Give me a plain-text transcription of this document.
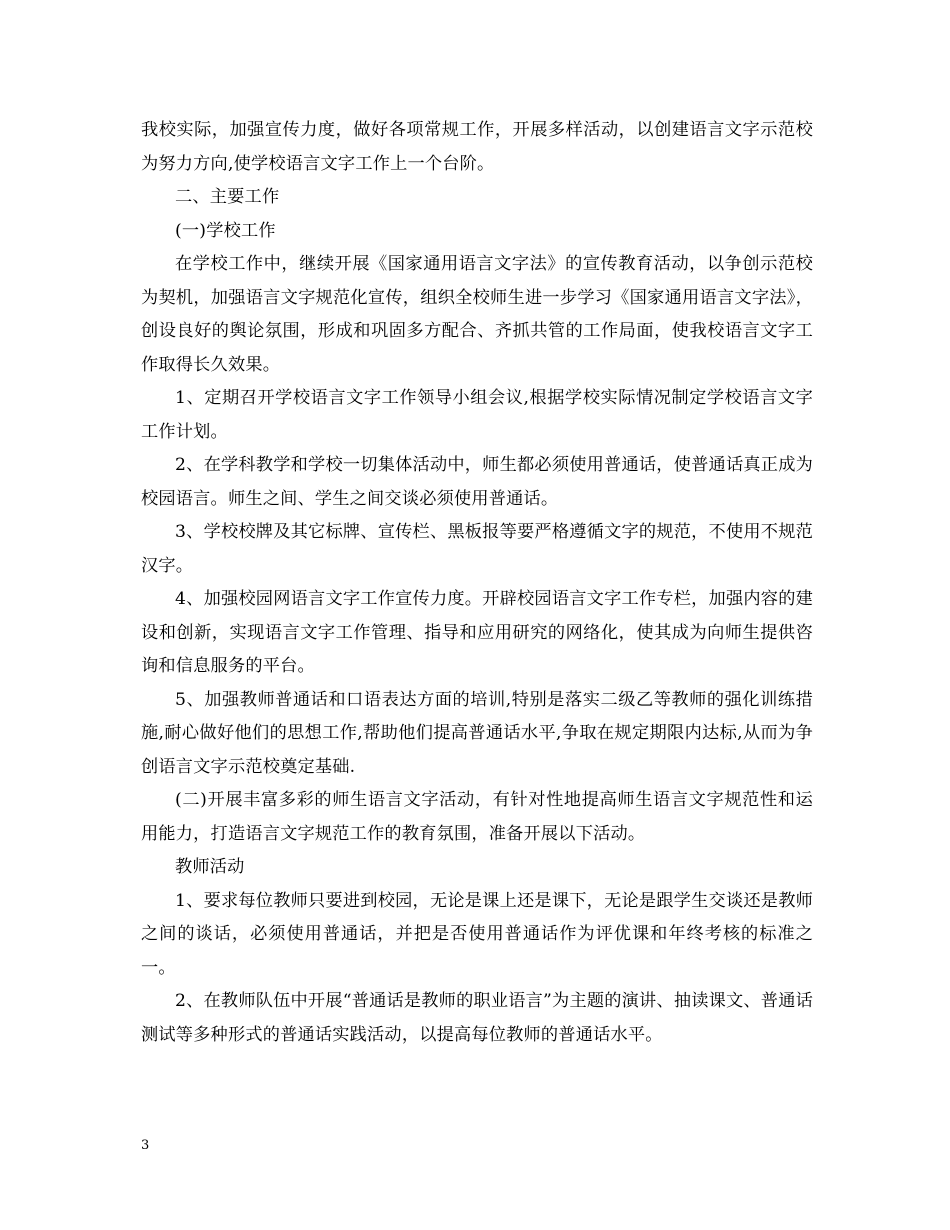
我校实际，加强宣传力度，做好各项常规工作，开展多样活动，以创建语言文字示范校为努力方向,使学校语言文字工作上一个台阶。

二、主要工作

(一)学校工作

在学校工作中，继续开展《国家通用语言文字法》的宣传教育活动，以争创示范校为契机，加强语言文字规范化宣传，组织全校师生进一步学习《国家通用语言文字法》，创设良好的舆论氛围，形成和巩固多方配合、齐抓共管的工作局面，使我校语言文字工作取得长久效果。

1、定期召开学校语言文字工作领导小组会议,根据学校实际情况制定学校语言文字工作计划。

2、在学科教学和学校一切集体活动中，师生都必须使用普通话，使普通话真正成为校园语言。师生之间、学生之间交谈必须使用普通话。

3、学校校牌及其它标牌、宣传栏、黑板报等要严格遵循文字的规范，不使用不规范汉字。

4、加强校园网语言文字工作宣传力度。开辟校园语言文字工作专栏，加强内容的建设和创新，实现语言文字工作管理、指导和应用研究的网络化，使其成为向师生提供咨询和信息服务的平台。

5、加强教师普通话和口语表达方面的培训,特别是落实二级乙等教师的强化训练措施,耐心做好他们的思想工作,帮助他们提高普通话水平,争取在规定期限内达标,从而为争创语言文字示范校奠定基础.

(二)开展丰富多彩的师生语言文字活动，有针对性地提高师生语言文字规范性和运用能力，打造语言文字规范工作的教育氛围，准备开展以下活动。

教师活动

1、要求每位教师只要进到校园，无论是课上还是课下，无论是跟学生交谈还是教师之间的谈话，必须使用普通话，并把是否使用普通话作为评优课和年终考核的标准之一。

2、在教师队伍中开展“普通话是教师的职业语言”为主题的演讲、抽读课文、普通话测试等多种形式的普通话实践活动，以提高每位教师的普通话水平。

3
